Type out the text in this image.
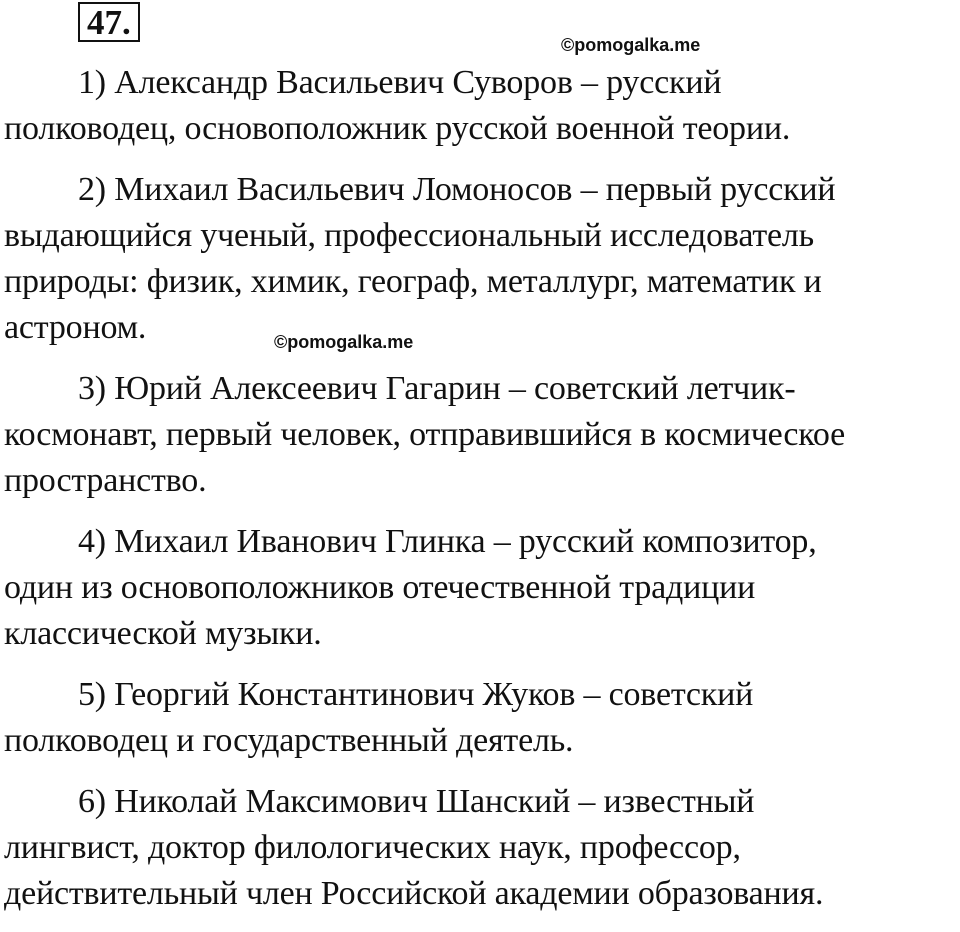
47.
©pomogalka.me
©pomogalka.me

1) Александр Васильевич Суворов – русский
полководец, основоположник русской военной теории.

2) Михаил Васильевич Ломоносов – первый русский
выдающийся ученый, профессиональный исследователь
природы: физик, химик, географ, металлург, математик и
астроном.

3) Юрий Алексеевич Гагарин – советский летчик-
космонавт, первый человек, отправившийся в космическое
пространство.

4) Михаил Иванович Глинка – русский композитор,
один из основоположников отечественной традиции
классической музыки.

5) Георгий Константинович Жуков – советский
полководец и государственный деятель.

6) Николай Максимович Шанский – известный
лингвист, доктор филологических наук, профессор,
действительный член Российской академии образования.
